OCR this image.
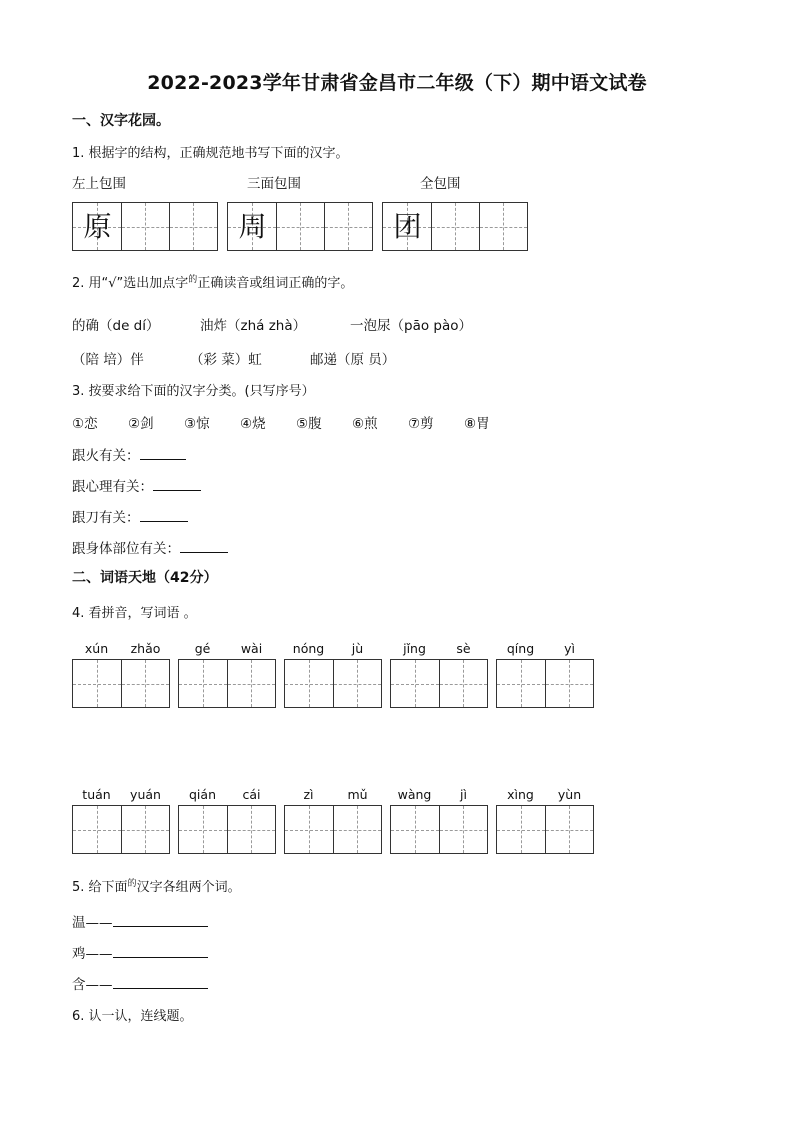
2022-2023学年甘肃省金昌市二年级（下）期中语文试卷
一、汉字花园。
1. 根据字的结构，正确规范地书写下面的汉字。
左上包围	三面包围	全包围
原	周	团
2. 用“√”选出加点字$^的$正确读音或组词正确的字。
的确（de dí）	油炸（zhá zhà）	一泡尿（pāo pào）
（陪 培）伴	（彩 菜）虹	邮递（原 员）
3. 按要求给下面的汉字分类。(只写序号）
①恋 ②剑 ③惊 ④烧 ⑤腹 ⑥煎 ⑦剪 ⑧胃
跟火有关：
跟心理有关：
跟刀有关：
跟身体部位有关：
二、词语天地（42分）
4. 看拼音，写词语 。
xún	zhǎo	gé	wài	nóng	jù	jǐng	sè	qíng	yì
tuán	yuán	qián	cái	zì	mǔ	wàng	jì	xìng	yùn
5. 给下面$^的$汉字各组两个词。
温——
鸡——
含——
6. 认一认，连线题。
